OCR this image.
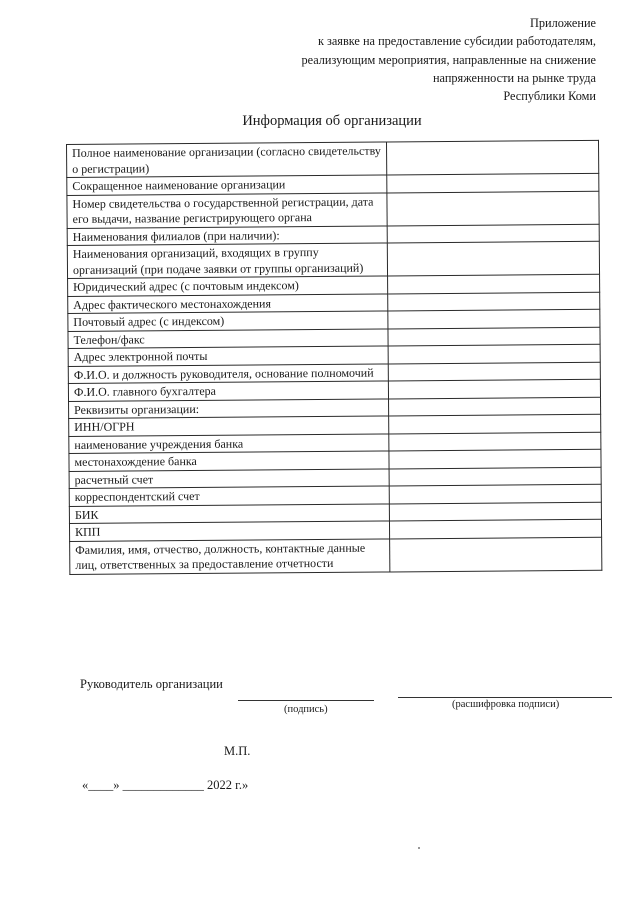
Приложение
к заявке на предоставление субсидии работодателям,
реализующим мероприятия, направленные на снижение
напряженности на рынке труда
Республики Коми
Информация об организации
Полное наименование организации (согласно свидетельству о регистрации)	
Сокращенное наименование организации	
Номер свидетельства о государственной регистрации, дата его выдачи, название регистрирующего органа	
Наименования филиалов (при наличии):	
Наименования организаций, входящих в группу организаций (при подаче заявки от группы организаций)	
Юридический адрес (с почтовым индексом)	
Адрес фактического местонахождения	
Почтовый адрес (с индексом)	
Телефон/факс	
Адрес электронной почты	
Ф.И.О. и должность руководителя, основание полномочий	
Ф.И.О. главного бухгалтера	
Реквизиты организации:	
ИНН/ОГРН	
наименование учреждения банка	
местонахождение банка	
расчетный счет	
корреспондентский счет	
БИК	
КПП	
Фамилия, имя, отчество, должность, контактные данные лиц, ответственных за предоставление отчетности	
Руководитель организации
(подпись)	(расшифровка подписи)
М.П.
«____» _____________ 2022 г.»
